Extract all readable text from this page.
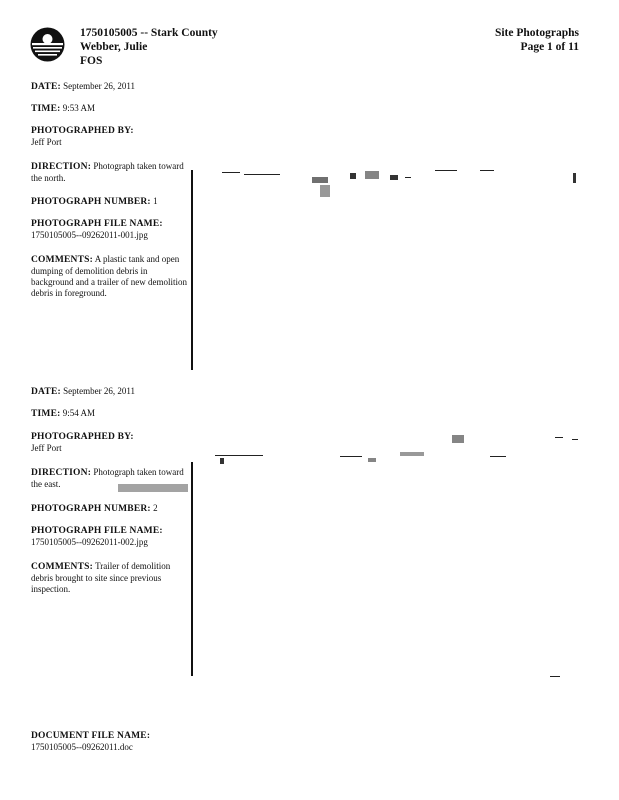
1750105005 -- Stark County
Webber, Julie
FOS
Site Photographs
Page 1 of 11
DATE: September 26, 2011
TIME: 9:53 AM
PHOTOGRAPHED BY:
Jeff Port
DIRECTION: Photograph taken toward the north.
PHOTOGRAPH NUMBER: 1
PHOTOGRAPH FILE NAME:
1750105005--09262011-001.jpg
COMMENTS: A plastic tank and open dumping of demolition debris in background and a trailer of new demolition debris in foreground.
DATE: September 26, 2011
TIME: 9:54 AM
PHOTOGRAPHED BY:
Jeff Port
DIRECTION: Photograph taken toward the east.
PHOTOGRAPH NUMBER: 2
PHOTOGRAPH FILE NAME:
1750105005--09262011-002.jpg
COMMENTS: Trailer of demolition debris brought to site since previous inspection.
DOCUMENT FILE NAME:
1750105005--09262011.doc
